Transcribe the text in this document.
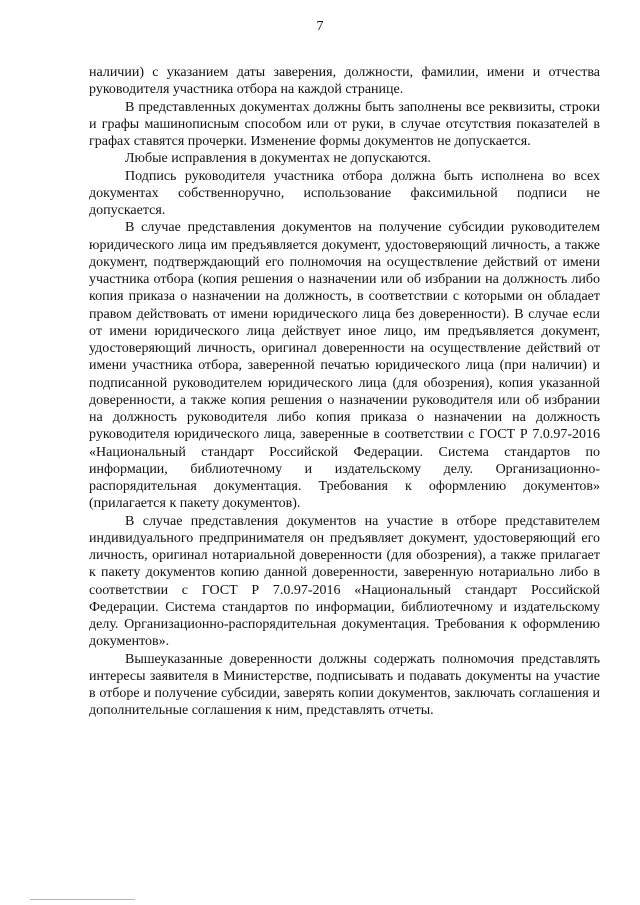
7

наличии) с указанием даты заверения, должности, фамилии, имени и отчества руководителя участника отбора на каждой странице.

В представленных документах должны быть заполнены все реквизиты, строки и графы машинописным способом или от руки, в случае отсутствия показателей в графах ставятся прочерки. Изменение формы документов не допускается.

Любые исправления в документах не допускаются.

Подпись руководителя участника отбора должна быть исполнена во всех документах собственноручно, использование факсимильной подписи не допускается.

В случае представления документов на получение субсидии руководителем юридического лица им предъявляется документ, удостоверяющий личность, а также документ, подтверждающий его полномочия на осуществление действий от имени участника отбора (копия решения о назначении или об избрании на должность либо копия приказа о назначении на должность, в соответствии с которыми он обладает правом действовать от имени юридического лица без доверенности). В случае если от имени юридического лица действует иное лицо, им предъявляется документ, удостоверяющий личность, оригинал доверенности на осуществление действий от имени участника отбора, заверенной печатью юридического лица (при наличии) и подписанной руководителем юридического лица (для обозрения), копия указанной доверенности, а также копия решения о назначении руководителя или об избрании на должность руководителя либо копия приказа о назначении на должность руководителя юридического лица, заверенные в соответствии с ГОСТ Р 7.0.97-2016 «Национальный стандарт Российской Федерации. Система стандартов по информации, библиотечному и издательскому делу. Организационно-распорядительная документация. Требования к оформлению документов» (прилагается к пакету документов).

В случае представления документов на участие в отборе представителем индивидуального предпринимателя он предъявляет документ, удостоверяющий его личность, оригинал нотариальной доверенности (для обозрения), а также прилагает к пакету документов копию данной доверенности, заверенную нотариально либо в соответствии с ГОСТ Р 7.0.97-2016 «Национальный стандарт Российской Федерации. Система стандартов по информации, библиотечному и издательскому делу. Организационно-распорядительная документация. Требования к оформлению документов».

Вышеуказанные доверенности должны содержать полномочия представлять интересы заявителя в Министерстве, подписывать и подавать документы на участие в отборе и получение субсидии, заверять копии документов, заключать соглашения и дополнительные соглашения к ним, представлять отчеты.
